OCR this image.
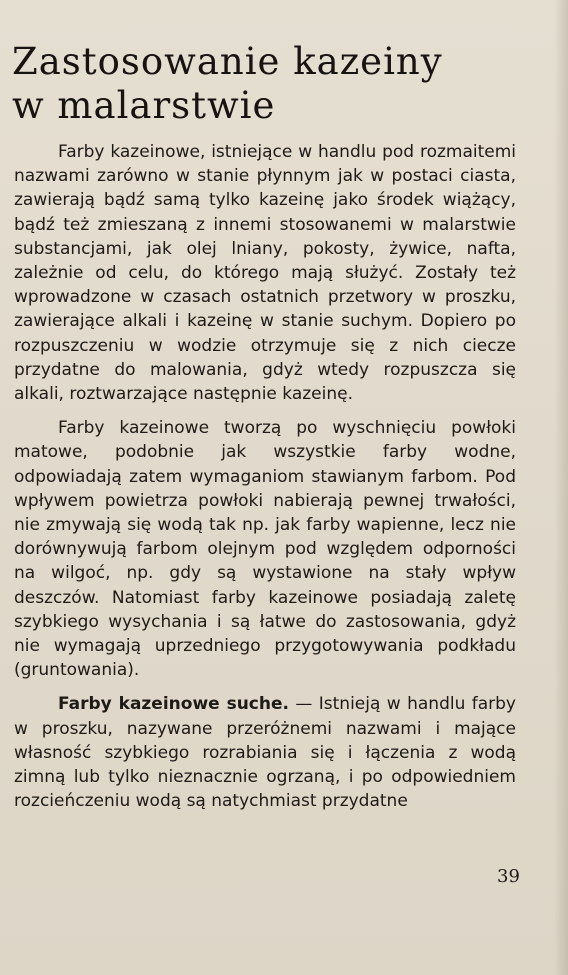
Zastosowanie kazeiny
w malarstwie

Farby kazeinowe, istniejące w handlu pod rozmaitemi nazwami zarówno w stanie płynnym jak w postaci ciasta, zawierają bądź samą tylko kazeinę jako środek wiążący, bądź też zmieszaną z innemi stosowanemi w malarstwie substancjami, jak olej lniany, pokosty, żywice, nafta, zależnie od celu, do którego mają służyć. Zostały też wprowadzone w czasach ostatnich przetwory w proszku, zawierające alkali i kazeinę w stanie suchym. Dopiero po rozpuszczeniu w wodzie otrzymuje się z nich ciecze przydatne do malowania, gdyż wtedy rozpuszcza się alkali, roztwarzające następnie kazeinę.

Farby kazeinowe tworzą po wyschnięciu powłoki matowe, podobnie jak wszystkie farby wodne, odpowiadają zatem wymaganiom stawianym farbom. Pod wpływem powietrza powłoki nabierają pewnej trwałości, nie zmywają się wodą tak np. jak farby wapienne, lecz nie dorównywują farbom olejnym pod względem odporności na wilgoć, np. gdy są wystawione na stały wpływ deszczów. Natomiast farby kazeinowe posiadają zaletę szybkiego wysychania i są łatwe do zastosowania, gdyż nie wymagają uprzedniego przygotowywania podkładu (gruntowania).

Farby kazeinowe suche. — Istnieją w handlu farby w proszku, nazywane przeróżnemi nazwami i mające własność szybkiego rozrabiania się i łączenia z wodą zimną lub tylko nieznacznie ogrzaną, i po odpowiedniem rozcieńczeniu wodą są natychmiast przydatne

39
